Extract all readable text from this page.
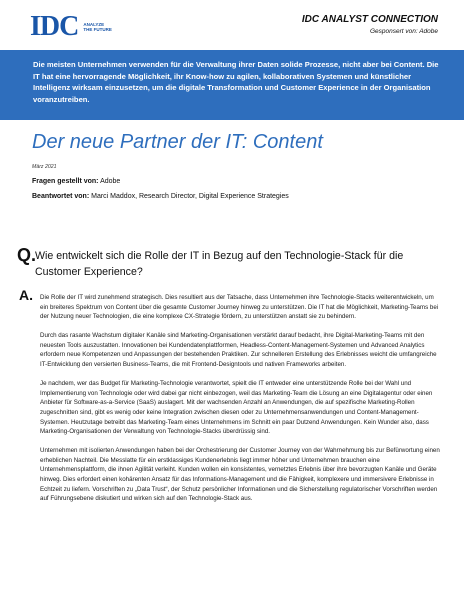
IDC ANALYZE THE FUTURE
IDC ANALYST CONNECTION
Gesponsert von: Adobe

Die meisten Unternehmen verwenden für die Verwaltung ihrer Daten solide Prozesse, nicht aber bei Content. Die IT hat eine hervorragende Möglichkeit, ihr Know-how zu agilen, kollaborativen Systemen und künstlicher Intelligenz wirksam einzusetzen, um die digitale Transformation und Customer Experience in der Organisation voranzutreiben.

Der neue Partner der IT: Content
März 2021
Fragen gestellt von: Adobe
Beantwortet von: Marci Maddox, Research Director, Digital Experience Strategies
Q.
Wie entwickelt sich die Rolle der IT in Bezug auf den Technologie-Stack für die Customer Experience?
A. Die Rolle der IT wird zunehmend strategisch. Dies resultiert aus der Tatsache, dass Unternehmen ihre Technologie-Stacks weiterentwickeln, um ein breiteres Spektrum von Content über die gesamte Customer Journey hinweg zu unterstützen. Die IT hat die Möglichkeit, Marketing-Teams bei der Nutzung neuer Technologien, die eine komplexe CX-Strategie fördern, zu unterstützen anstatt sie zu behindern.

Durch das rasante Wachstum digitaler Kanäle sind Marketing-Organisationen verstärkt darauf bedacht, ihre Digital-Marketing-Teams mit den neuesten Tools auszustatten. Innovationen bei Kundendatenplattformen, Headless-Content-Management-Systemen und Advanced Analytics erfordern neue Kompetenzen und Anpassungen der bestehenden Praktiken. Zur schnelleren Erstellung des Erlebnisses weicht die umfangreiche IT-Entwicklung den versierten Business-Teams, die mit Frontend-Designtools und nativen Frameworks arbeiten.

Je nachdem, wer das Budget für Marketing-Technologie verantwortet, spielt die IT entweder eine unterstützende Rolle bei der Wahl und Implementierung von Technologie oder wird dabei gar nicht einbezogen, weil das Marketing-Team die Lösung an eine Digitalagentur oder einen Anbieter für Software-as-a-Service (SaaS) auslagert. Mit der wachsenden Anzahl an Anwendungen, die auf spezifische Marketing-Rollen zugeschnitten sind, gibt es wenig oder keine Integration zwischen diesen oder zu Unternehmensanwendungen und Content-Management-Systemen. Heutzutage betreibt das Marketing-Team eines Unternehmens im Schnitt ein paar Dutzend Anwendungen. Kein Wunder also, dass Marketing-Organisationen der Verwaltung von Technologie-Stacks überdrüssig sind.

Unternehmen mit isolierten Anwendungen haben bei der Orchestrierung der Customer Journey von der Wahrnehmung bis zur Befürwortung einen erheblichen Nachteil. Die Messlatte für ein erstklassiges Kundenerlebnis liegt immer höher und Unternehmen brauchen eine Unternehmensplattform, die ihnen Agilität verleiht. Kunden wollen ein konsistentes, vernetztes Erlebnis über ihre bevorzugten Kanäle und Geräte hinweg. Dies erfordert einen kohärenten Ansatz für das Informations-Management und die Fähigkeit, komplexere und immersivere Erlebnisse in Echtzeit zu liefern. Vorschriften zu „Data Trust“, der Schutz persönlicher Informationen und die Sicherstellung regulatorischer Vorschriften werden auf Führungsebene diskutiert und wirken sich auf den Technologie-Stack aus.
